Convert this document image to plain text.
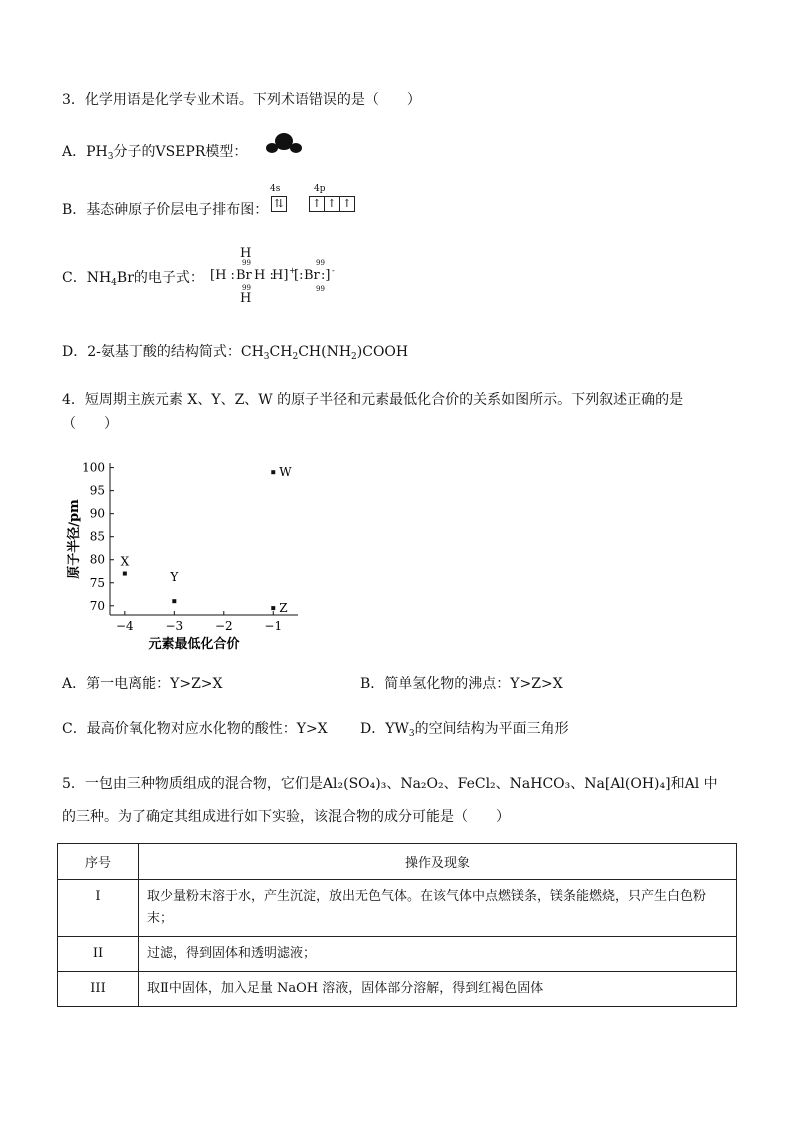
3．化学用语是化学专业术语。下列术语错误的是（　　）
A．$PH_3$分子的VSEPR模型：
B．基态砷原子价层电子排布图：
4s	4p
⇅	↑ ↑ ↑
C．$NH_4Br$的电子式：
H
99
[H : Br H :
H] +
[: Br :] -
99
99
H
99
D．2-氨基丁酸的结构简式：$CH_3CH_2CH(NH_2)COOH$
4．短周期主族元素 X、Y、Z、W 的原子半径和元素最低化合价的关系如图所示。下列叙述正确的是
（　　）
70
75
80
85
90
95
100
−4	−3	−2	−1
元素最低化合价
原子半径/pm	X
Y
Z
W
A．第一电离能：Y>Z>X	B．简单氢化物的沸点：Y>Z>X
C．最高价氧化物对应水化物的酸性：Y>X D．$YW_3$的空间结构为平面三角形
5．一包由三种物质组成的混合物，它们是Al₂(SO₄)₃、Na₂O₂、FeCl₂、NaHCO₃、Na[Al(OH)₄]和Al 中
的三种。为了确定其组成进行如下实验，该混合物的成分可能是（　　）
序号	操作及现象
I	取少量粉末溶于水，产生沉淀，放出无色气体。在该气体中点燃镁条，镁条能燃烧，只产生白色粉末；
II	过滤，得到固体和透明滤液；
III	取Ⅱ中固体，加入足量 NaOH 溶液，固体部分溶解，得到红褐色固体
